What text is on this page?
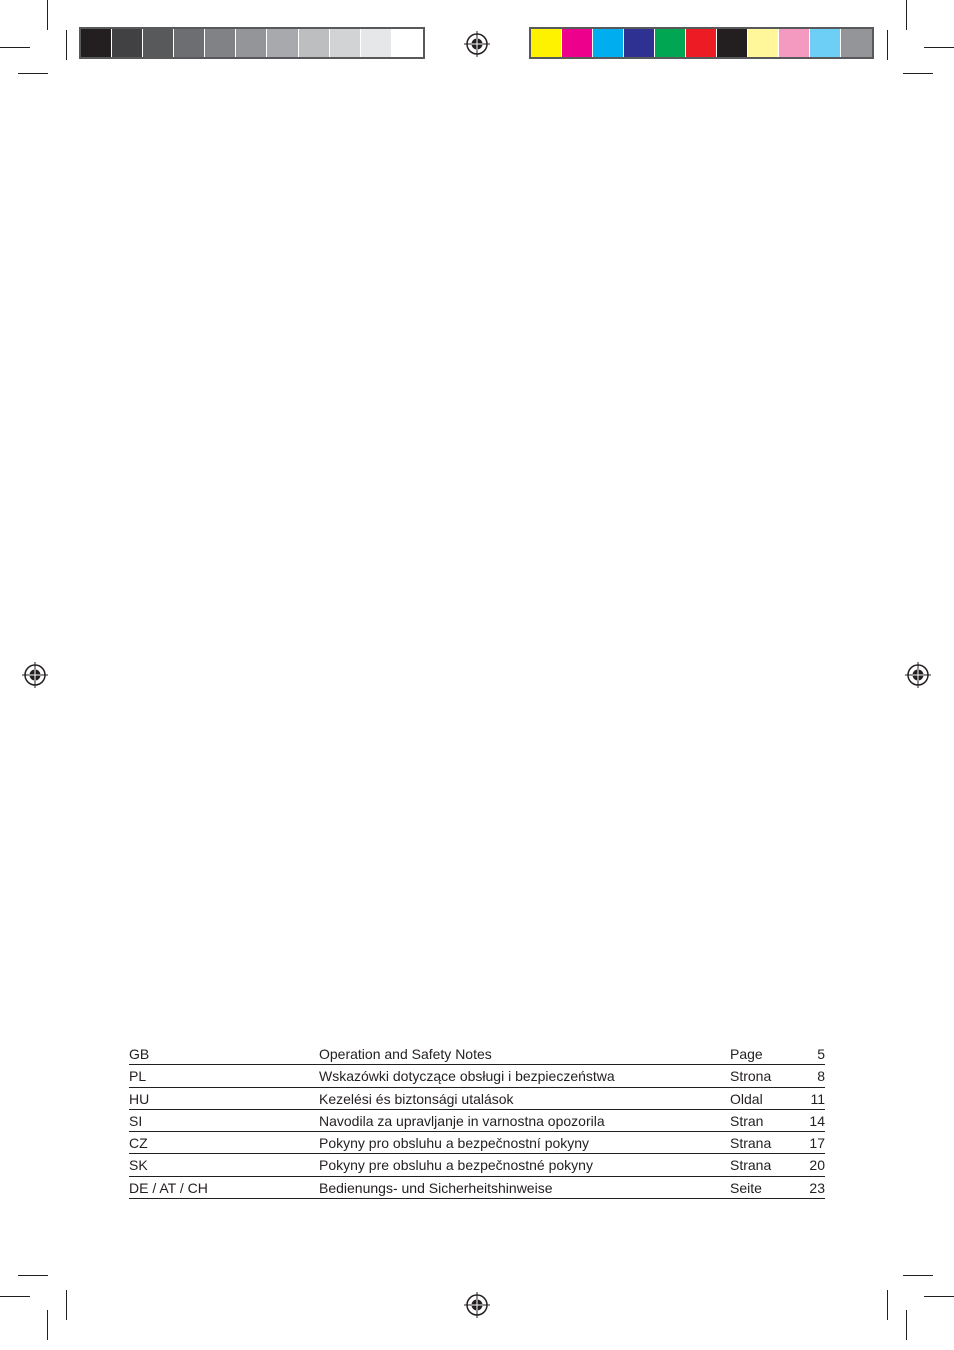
GB	Operation and Safety Notes	Page	5
PL	Wskazówki dotyczące obsługi i bezpieczeństwa	Strona	8
HU	Kezelési és biztonsági utalások	Oldal	11
SI	Navodila za upravljanje in varnostna opozorila	Stran	14
CZ	Pokyny pro obsluhu a bezpečnostní pokyny	Strana	17
SK	Pokyny pre obsluhu a bezpečnostné pokyny	Strana	20
DE / AT / CH	Bedienungs- und Sicherheitshinweise	Seite	23
